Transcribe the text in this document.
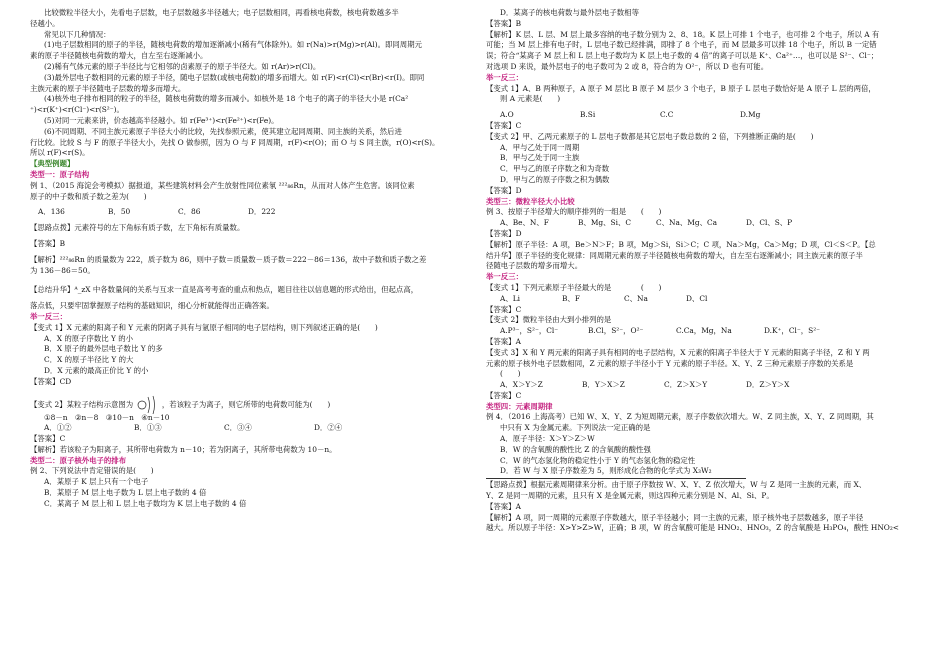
比较微粒半径大小，先看电子层数，电子层数越多半径越大；电子层数相同，再看核电荷数，核电荷数越多半

径越小。

常见以下几种情况：

(1)电子层数相同的原子的半径，随核电荷数的增加逐渐减小(稀有气体除外)。如 r(Na)>r(Mg)>r(Al)。即同周期元

素的原子半径随核电荷数的增大，自左至右逐渐减小。

(2)稀有气体元素的原子半径比与它相邻的卤素原子的原子半径大。如 r(Ar)>r(Cl)。

(3)最外层电子数相同的元素的原子半径，随电子层数(或核电荷数)的增多而增大。如 r(F)<r(Cl)<r(Br)<r(I)。即同

主族元素的原子半径随电子层数的增多而增大。

(4)核外电子排布相同的粒子的半径，随核电荷数的增多而减小。如核外是 18 个电子的离子的半径大小是 r(Ca²

⁺)<r(K⁺)<r(Cl⁻)<r(S²⁻)。

(5)对同一元素来讲，价态越高半径越小。如 r(Fe³⁺)<r(Fe²⁺)<r(Fe)。

(6)不同周期、不同主族元素原子半径大小的比较，先找参照元素，使其建立起同周期、同主族的关系，然后进

行比较。比较 S 与 F 的原子半径大小，先找 O 做参照，因为 O 与 F 同周期，r(F)<r(O)；而 O 与 S 同主族，r(O)<r(S)。

所以 r(F)<r(S)。

【典型例题】

类型一：原子结构

例 1、（2015 海淀会考模拟）据报道，某些建筑材料会产生放射性同位素氡 ²²²₈₆Rn，从而对人体产生危害。该同位素

原子的中子数和质子数之差为(　　)

A．136	B．50	C．86	D．222

【思路点拨】元素符号的左下角标有质子数，左下角标有质量数。

【答案】B

【解析】²²²₈₆Rn 的质量数为 222，质子数为 86，则中子数＝质量数－质子数＝222－86＝136，故中子数和质子数之差

为 136－86＝50。

【总结升华】ᴬ_zX 中各数量间的关系与互求一直是高考考查的重点和热点，题目往往以信息题的形式给出，但起点高，

落点低，只要牢固掌握原子结构的基础知识，细心分析就能得出正确答案。

举一反三：

【变式 1】X 元素的阳离子和 Y 元素的阴离子具有与氩原子相同的电子层结构，则下列叙述正确的是(　　)

A．X 的原子序数比 Y 的小

B．X 原子的最外层电子数比 Y 的多

C．X 的原子半径比 Y 的大

D．X 元素的最高正价比 Y 的小

【答案】CD

【变式 2】某粒子结构示意图为	，若该粒子为离子，则它所带的电荷数可能为(　　)

①8－n　②n－8　③10－n　④n－10

A．①②	B．①③	C．③④	D．②④

【答案】C

【解析】若该粒子为阳离子，其所带电荷数为 n－10；若为阴离子，其所带电荷数为 10－n。

类型二：原子核外电子的排布

例 2、下列说法中肯定错误的是(　　)

A．某原子 K 层上只有一个电子

B．某原子 M 层上电子数为 L 层上电子数的 4 倍

C．某离子 M 层上和 L 层上电子数均为 K 层上电子数的 4 倍

D．某离子的核电荷数与最外层电子数相等

【答案】B

【解析】K 层、L 层、M 层上最多容纳的电子数分别为 2、8、18。K 层上可排 1 个电子，也可排 2 个电子，所以 A 有

可能；当 M 层上排有电子时，L 层电子数已经排满，即排了 8 个电子，而 M 层最多可以排 18 个电子，所以 B 一定错

误；符合“某离子 M 层上和 L 层上电子数均为 K 层上电子数的 4 倍”的离子可以是 K⁺、Ca²⁺…，也可以是 S²⁻、Cl⁻；

对选项 D 来说，最外层电子的电子数可为 2 或 8，符合的为 O²⁻，所以 D 也有可能。

举一反三：

【变式 1】A、B 两种原子，A 原子 M 层比 B 原子 M 层少 3 个电子，B 原子 L 层电子数恰好是 A 原子 L 层的两倍，

则 A 元素是(　　)

A.O	B.Si	C.C	D.Mg

【答案】C

【变式 2】甲、乙两元素原子的 L 层电子数都是其它层电子数总数的 2 倍，下列推断正确的是(　　)

A．甲与乙处于同一周期

B．甲与乙处于同一主族

C．甲与乙的原子序数之和为奇数

D．甲与乙的原子序数之积为偶数

【答案】D

类型三：微粒半径大小比较

例 3、按原子半径增大的顺序排列的一组是　　(　　)

A、Be、N、F	B、Mg、Si、C	C、Na、Mg、Ca	D、Cl、S、P

【答案】D

【解析】原子半径：A 项，Be＞N＞F；B 项，Mg＞Si，Si＞C；C 项，Na＞Mg，Ca＞Mg；D 项，Cl＜S＜P。【总

结升华】原子半径的变化规律：同周期元素的原子半径随核电荷数的增大，自左至右逐渐减小；同主族元素的原子半

径随电子层数的增多而增大。

举一反三：

【变式 1】下列元素原子半径最大的是　　　　(　　)

A、Li	B、F	C、Na	D、Cl

【答案】C

【变式 2】微粒半径由大到小排列的是

A.P³⁻，S²⁻，Cl⁻	B.Cl，S²⁻，O²⁻	C.Ca，Mg，Na	D.K⁺，Cl⁻，S²⁻

【答案】A

【变式 3】X 和 Y 两元素的阳离子具有相同的电子层结构，X 元素的阳离子半径大于 Y 元素的阳离子半径，Z 和 Y 两

元素的原子核外电子层数相同，Z 元素的原子半径小于 Y 元素的原子半径。X、Y、Z 三种元素原子序数的关系是

(　　)

A．X＞Y＞Z	B．Y＞X＞Z	C．Z＞X＞Y	D．Z＞Y＞X

【答案】C

类型四：元素周期律

例 4．（2016 上海高考）已知 W、X、Y、Z 为短周期元素，原子序数依次增大。W、Z 同主族，X、Y、Z 同周期，其

中只有 X 为金属元素。下列说法一定正确的是

A．原子半径：X＞Y＞Z＞W

B．W 的含氧酸的酸性比 Z 的含氧酸的酸性强

C．W 的气态氢化物的稳定性小于 Y 的气态氢化物的稳定性

D．若 W 与 X 原子序数差为 5，则形成化合物的化学式为 X₃W₂

【思路点拨】根据元素周期律来分析。由于原子序数按 W、X、Y、Z 依次增大，W 与 Z 是同一主族的元素，而 X、

Y、Z 是同一周期的元素，且只有 X 是金属元素，则这四种元素分别是 N、Al、Si、P。

【答案】A

【解析】A 项，同一周期的元素原子序数越大，原子半径越小；同一主族的元素，原子核外电子层数越多，原子半径

越大。所以原子半径：X>Y>Z>W，正确；B 项，W 的含氧酸可能是 HNO₂、HNO₃，Z 的含氧酸是 H₃PO₄，酸性 HNO₂<
